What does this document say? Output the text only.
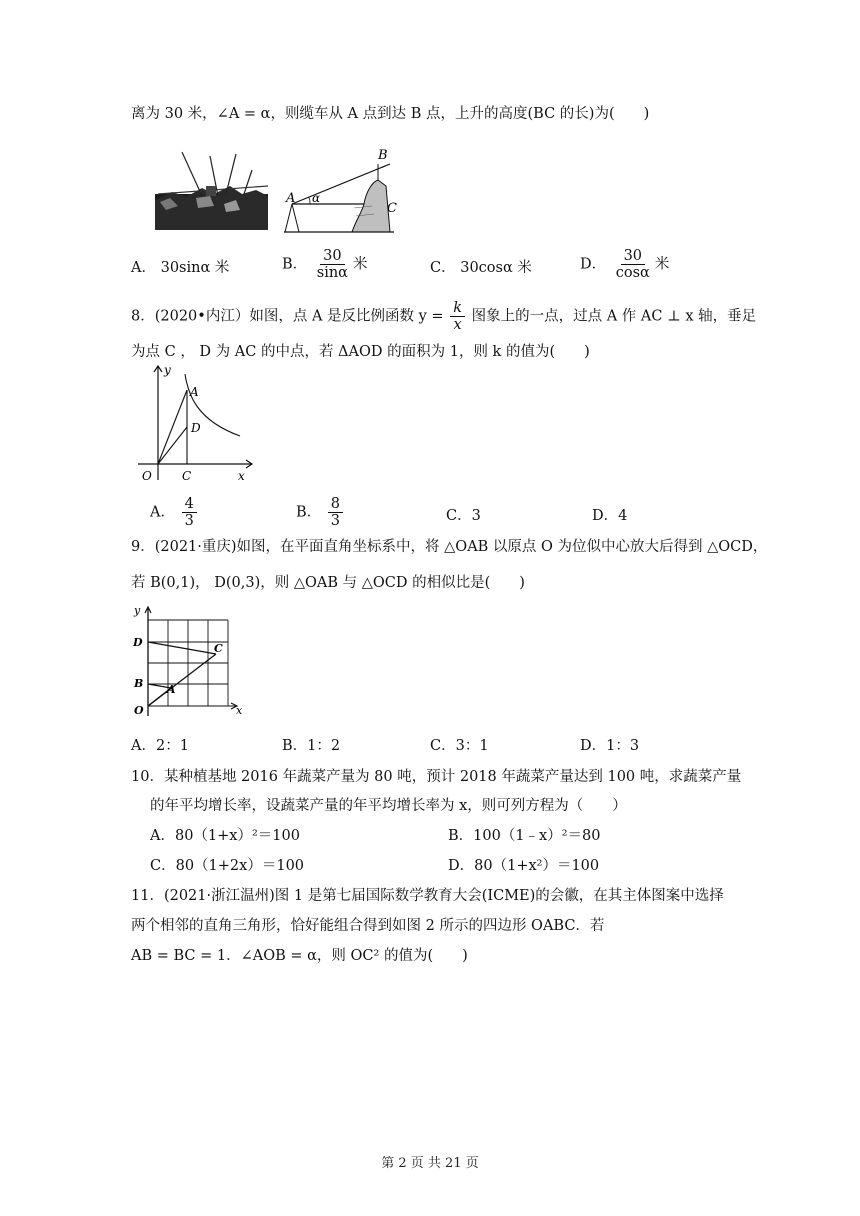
离为 30 米，∠A = α，则缆车从 A 点到达 B 点，上升的高度(BC 的长)为(　　)
A
B
C
α
A． 30sinα 米	B． $\frac{30}{\sin\alpha}$ 米	C． 30cosα 米	D． $\frac{30}{\cos\alpha}$ 米
8．(2020•内江）如图，点 A 是反比例函数 $y = \frac{k}{x}$ 图象上的一点，过点 A 作 AC ⊥ x 轴，垂足
为点 C ， D 为 AC 的中点，若 ΔAOD 的面积为 1，则 k 的值为(　　)
y
x
O
A
D
C
A． $\frac{4}{3}$	B． $\frac{8}{3}$	C．3	D．4
9．(2021·重庆)如图，在平面直角坐标系中，将 △OAB 以原点 O 为位似中心放大后得到 △OCD，
若 B(0,1)， D(0,3)，则 △OAB 与 △OCD 的相似比是(　　)
y
x
O
D
B
C
A
A．2：1	B．1：2	C．3：1	D．1：3
10．某种植基地 2016 年蔬菜产量为 80 吨，预计 2018 年蔬菜产量达到 100 吨，求蔬菜产量
的年平均增长率，设蔬菜产量的年平均增长率为 x，则可列方程为（　　）
A．80（1+x）²＝100	B．100（1﹣x）²＝80
C．80（1+2x）＝100	D．80（1+x²）＝100
11．(2021·浙江温州)图 1 是第七届国际数学教育大会(ICME)的会徽，在其主体图案中选择
两个相邻的直角三角形，恰好能组合得到如图 2 所示的四边形 OABC．若
AB = BC = 1．∠AOB = α，则 OC² 的值为(　　)
第 2 页 共 21 页
